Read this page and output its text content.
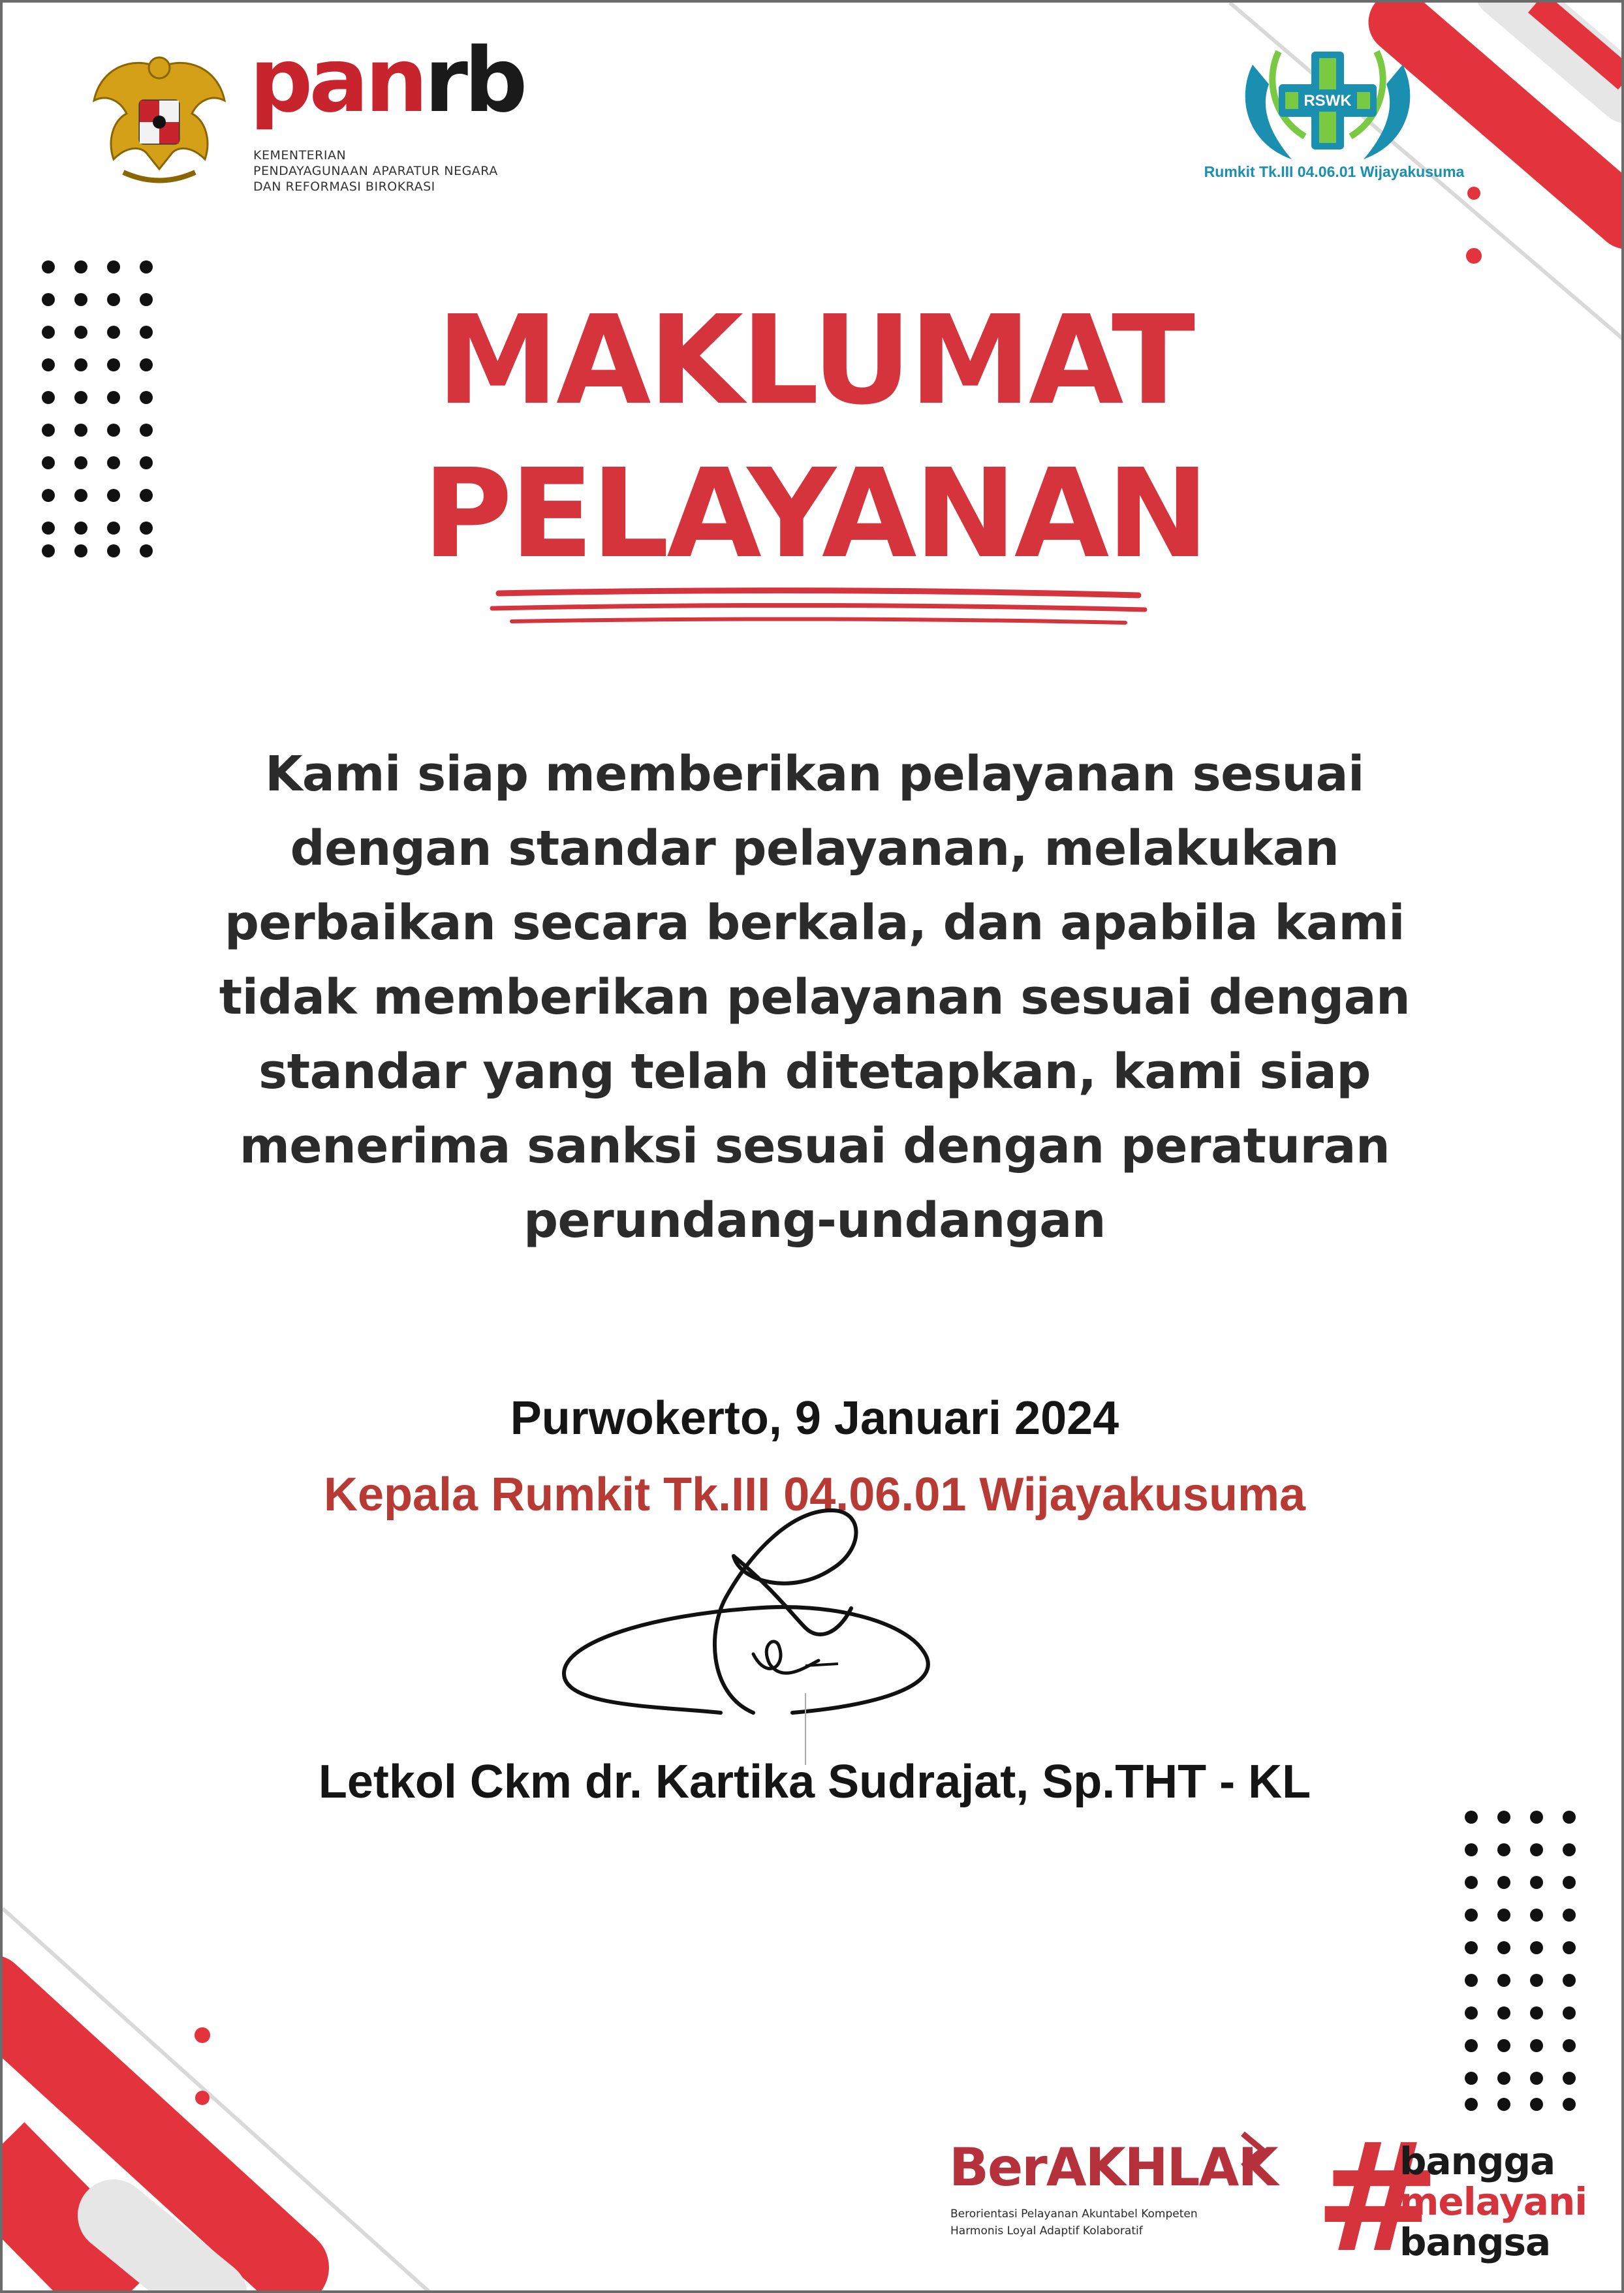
panrb
KEMENTERIAN
PENDAYAGUNAAN APARATUR NEGARA
DAN REFORMASI BIROKRASI
RSWK
Rumkit Tk.III 04.06.01 Wijayakusuma
MAKLUMAT
PELAYANAN
Kami siap memberikan pelayanan sesuai dengan standar pelayanan, melakukan perbaikan secara berkala, dan apabila kami tidak memberikan pelayanan sesuai dengan standar yang telah ditetapkan, kami siap menerima sanksi sesuai dengan peraturan perundang-undangan
Purwokerto, 9 Januari 2024
Kepala Rumkit Tk.III 04.06.01 Wijayakusuma
Letkol Ckm dr. Kartika Sudrajat, Sp.THT - KL
BerAKHLAK
Berorientasi Pelayanan Akuntabel Kompeten
Harmonis Loyal Adaptif Kolaboratif #
bangga
melayani
bangsa
